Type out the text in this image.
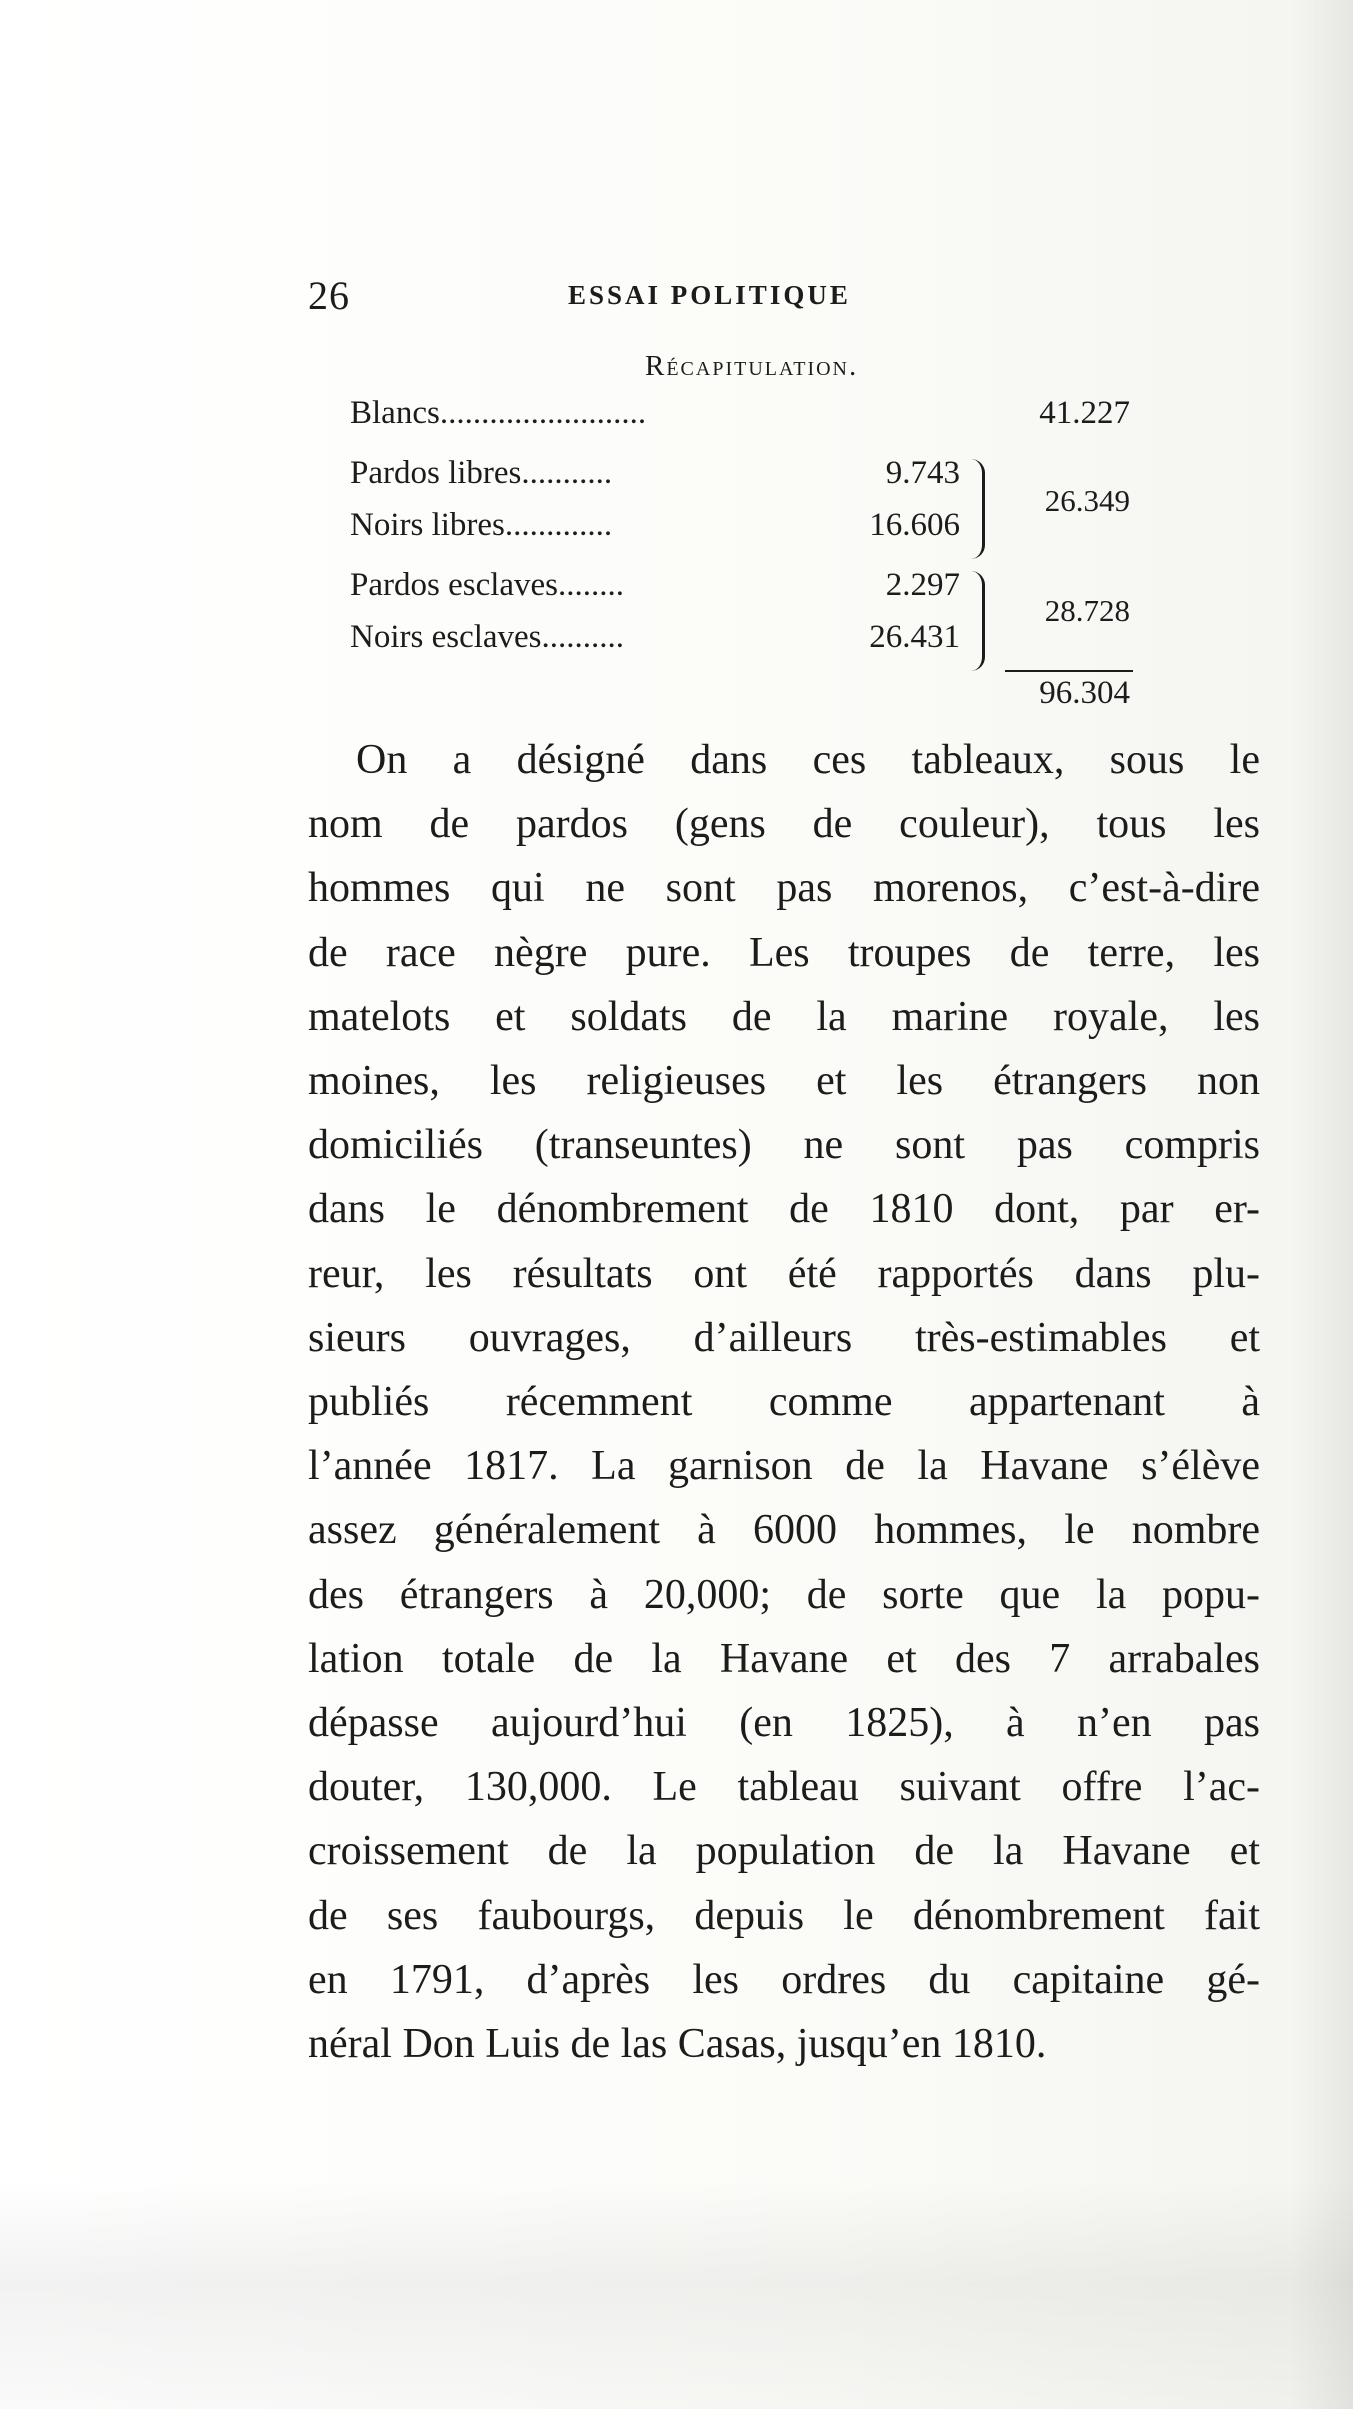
26	ESSAI POLITIQUE
Récapitulation.
Blancs.........................	41.227
Pardos libres...........	9.743
Noirs libres.............	16.606
26.349
Pardos esclaves........	2.297
Noirs esclaves..........	26.431
28.728
96.304
On a désigné dans ces tableaux, sous le
nom de pardos (gens de couleur), tous les
hommes qui ne sont pas morenos, c’est-à-dire
de race nègre pure. Les troupes de terre, les
matelots et soldats de la marine royale, les
moines, les religieuses et les étrangers non
domiciliés (transeuntes) ne sont pas compris
dans le dénombrement de 1810 dont, par er-
reur, les résultats ont été rapportés dans plu-
sieurs ouvrages, d’ailleurs très-estimables et
publiés récemment comme appartenant à
l’année 1817. La garnison de la Havane s’élève
assez généralement à 6000 hommes, le nombre
des étrangers à 20,000; de sorte que la popu-
lation totale de la Havane et des 7 arrabales
dépasse aujourd’hui (en 1825), à n’en pas
douter, 130,000. Le tableau suivant offre l’ac-
croissement de la population de la Havane et
de ses faubourgs, depuis le dénombrement fait
en 1791, d’après les ordres du capitaine gé-
néral Don Luis de las Casas, jusqu’en 1810.
